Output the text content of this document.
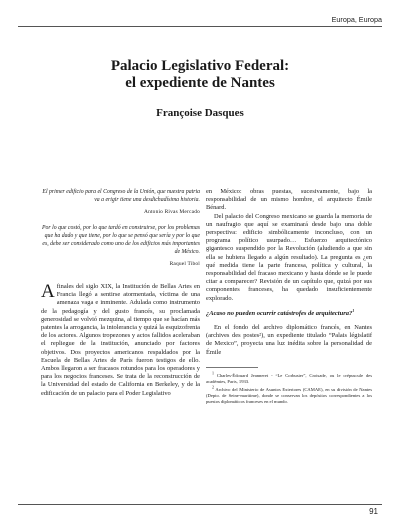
Europa, Europa
Palacio Legislativo Federal:
el expediente de Nantes
Françoise Dasques

El primer edificio para el Congreso de la Unión, que nuestra patria va a erigir tiene una desdichadísima historia.

Antonio Rivas Mercado

Por lo que costó, por lo que tardó en construirse, por los problemas que ha dado y que tiene, por lo que se pensó que sería y por lo que es, debe ser considerado como uno de los edificios más importantes de México.

Raquel Tibol

Afinales del siglo XIX, la Institución de Bellas Artes en Francia llegó a sentirse atormentada, víctima de una amenaza vaga e inminente. Adulada como instrumento de la pedagogía y del gusto francés, su proclamada generosidad se volvió mezquina, al tiempo que se hacían más patentes la arrogancia, la intolerancia y quizá la esquizofrenia de los actores. Algunos tropezones y actos fallidos aceleraban el repliegue de la institución, anunciado por factores objetivos. Dos proyectos americanos respaldados por la Escuela de Bellas Artes de París fueron testigos de ello. Ambos llegaron a ser fracasos rotundos para los operadores y para los negocios franceses. Se trata de la reconstrucción de la Universidad del estado de California en Berkeley, y de la edificación de un palacio para el Poder Legislativo

en México: obras puestas, sucesivamente, bajo la responsabilidad de un mismo hombre, el arquitecto Émile Bénard.

Del palacio del Congreso mexicano se guarda la memoria de un naufragio que aquí se examinará desde bajo una doble perspectiva: edificio simbólicamente inconcluso, con un programa político usurpado… Esfuerzo arquitectónico gigantesco suspendido por la Revolución (aludiendo a que sin ella se hubiera llegado a algún resultado). La pregunta es ¿en qué medida tiene la parte francesa, política y cultural, la responsabilidad del fracaso mexicano y hasta dónde se le puede citar a comparecer? Revisión de un capítulo que, quizá por sus componentes franceses, ha quedado insuficientemente explorado.

¿Acaso no pueden ocurrir catástrofes de arquitectura?$^1$

En el fondo del archivo diplomático francés, en Nantes (archives des postes²), un expediente titulado “Palais législatif de Mexico”, proyecta una luz inédita sobre la personalidad de Émile

$^1$ Charles-Édouard Jeanneret - “Le Corbusier”, Croisade, ou le crépuscule des académies, Paris, 1933.

$^2$ Archivo del Ministerio de Asuntos Exteriores (CAMAE), en su división de Nantes (Depto. de Seine-maritime), donde se conservan los depósitos correspondientes a los puestos diplomáticos franceses en el mundo.

91
